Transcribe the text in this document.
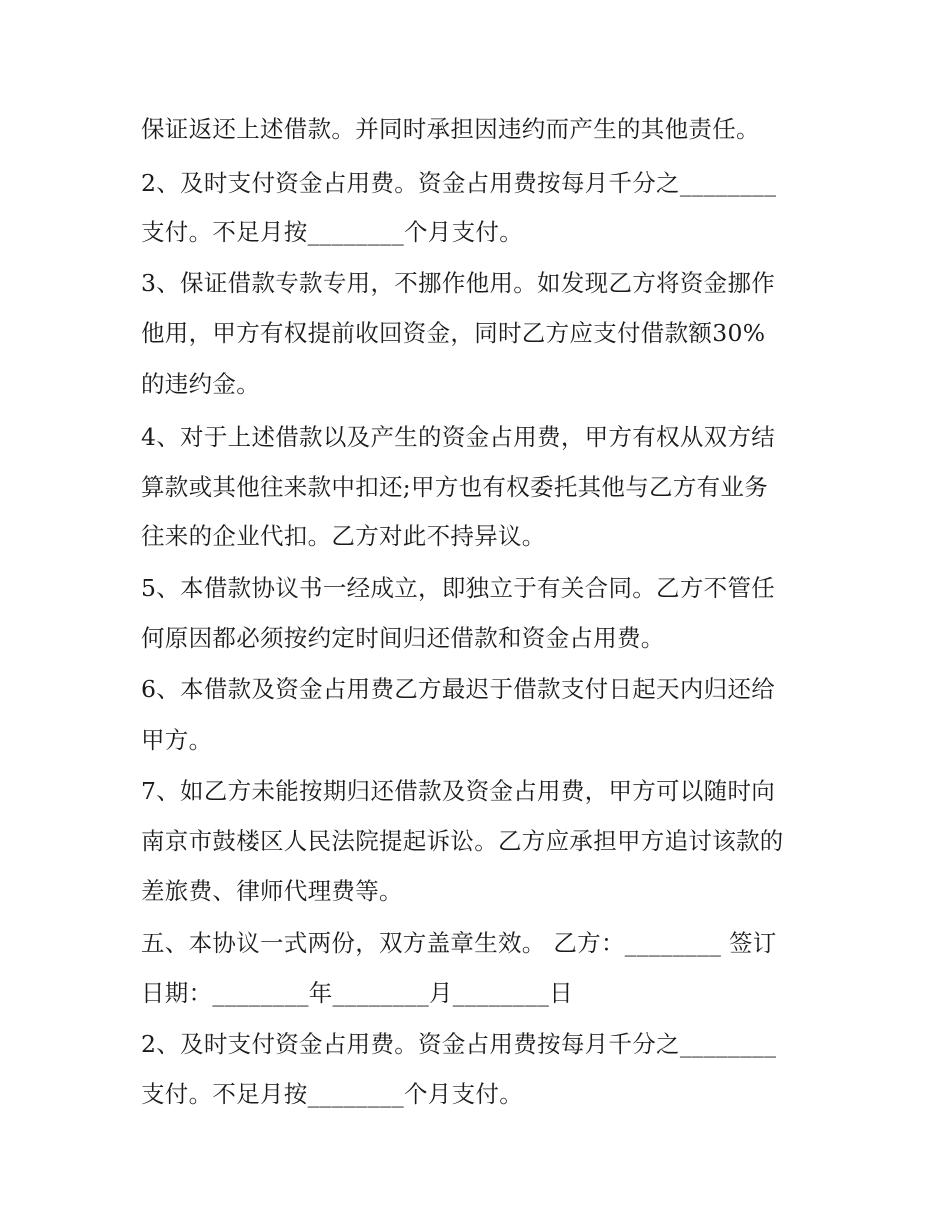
保证返还上述借款。并同时承担因违约而产生的其他责任。
2、及时支付资金占用费。资金占用费按每月千分之________
支付。不足月按________个月支付。
3、保证借款专款专用，不挪作他用。如发现乙方将资金挪作
他用，甲方有权提前收回资金，同时乙方应支付借款额30%
的违约金。
4、对于上述借款以及产生的资金占用费，甲方有权从双方结
算款或其他往来款中扣还;甲方也有权委托其他与乙方有业务
往来的企业代扣。乙方对此不持异议。
5、本借款协议书一经成立，即独立于有关合同。乙方不管任
何原因都必须按约定时间归还借款和资金占用费。
6、本借款及资金占用费乙方最迟于借款支付日起天内归还给
甲方。
7、如乙方未能按期归还借款及资金占用费，甲方可以随时向
南京市鼓楼区人民法院提起诉讼。乙方应承担甲方追讨该款的
差旅费、律师代理费等。
五、本协议一式两份，双方盖章生效。 乙方：________ 签订
日期：________年________月________日
2、及时支付资金占用费。资金占用费按每月千分之________
支付。不足月按________个月支付。
